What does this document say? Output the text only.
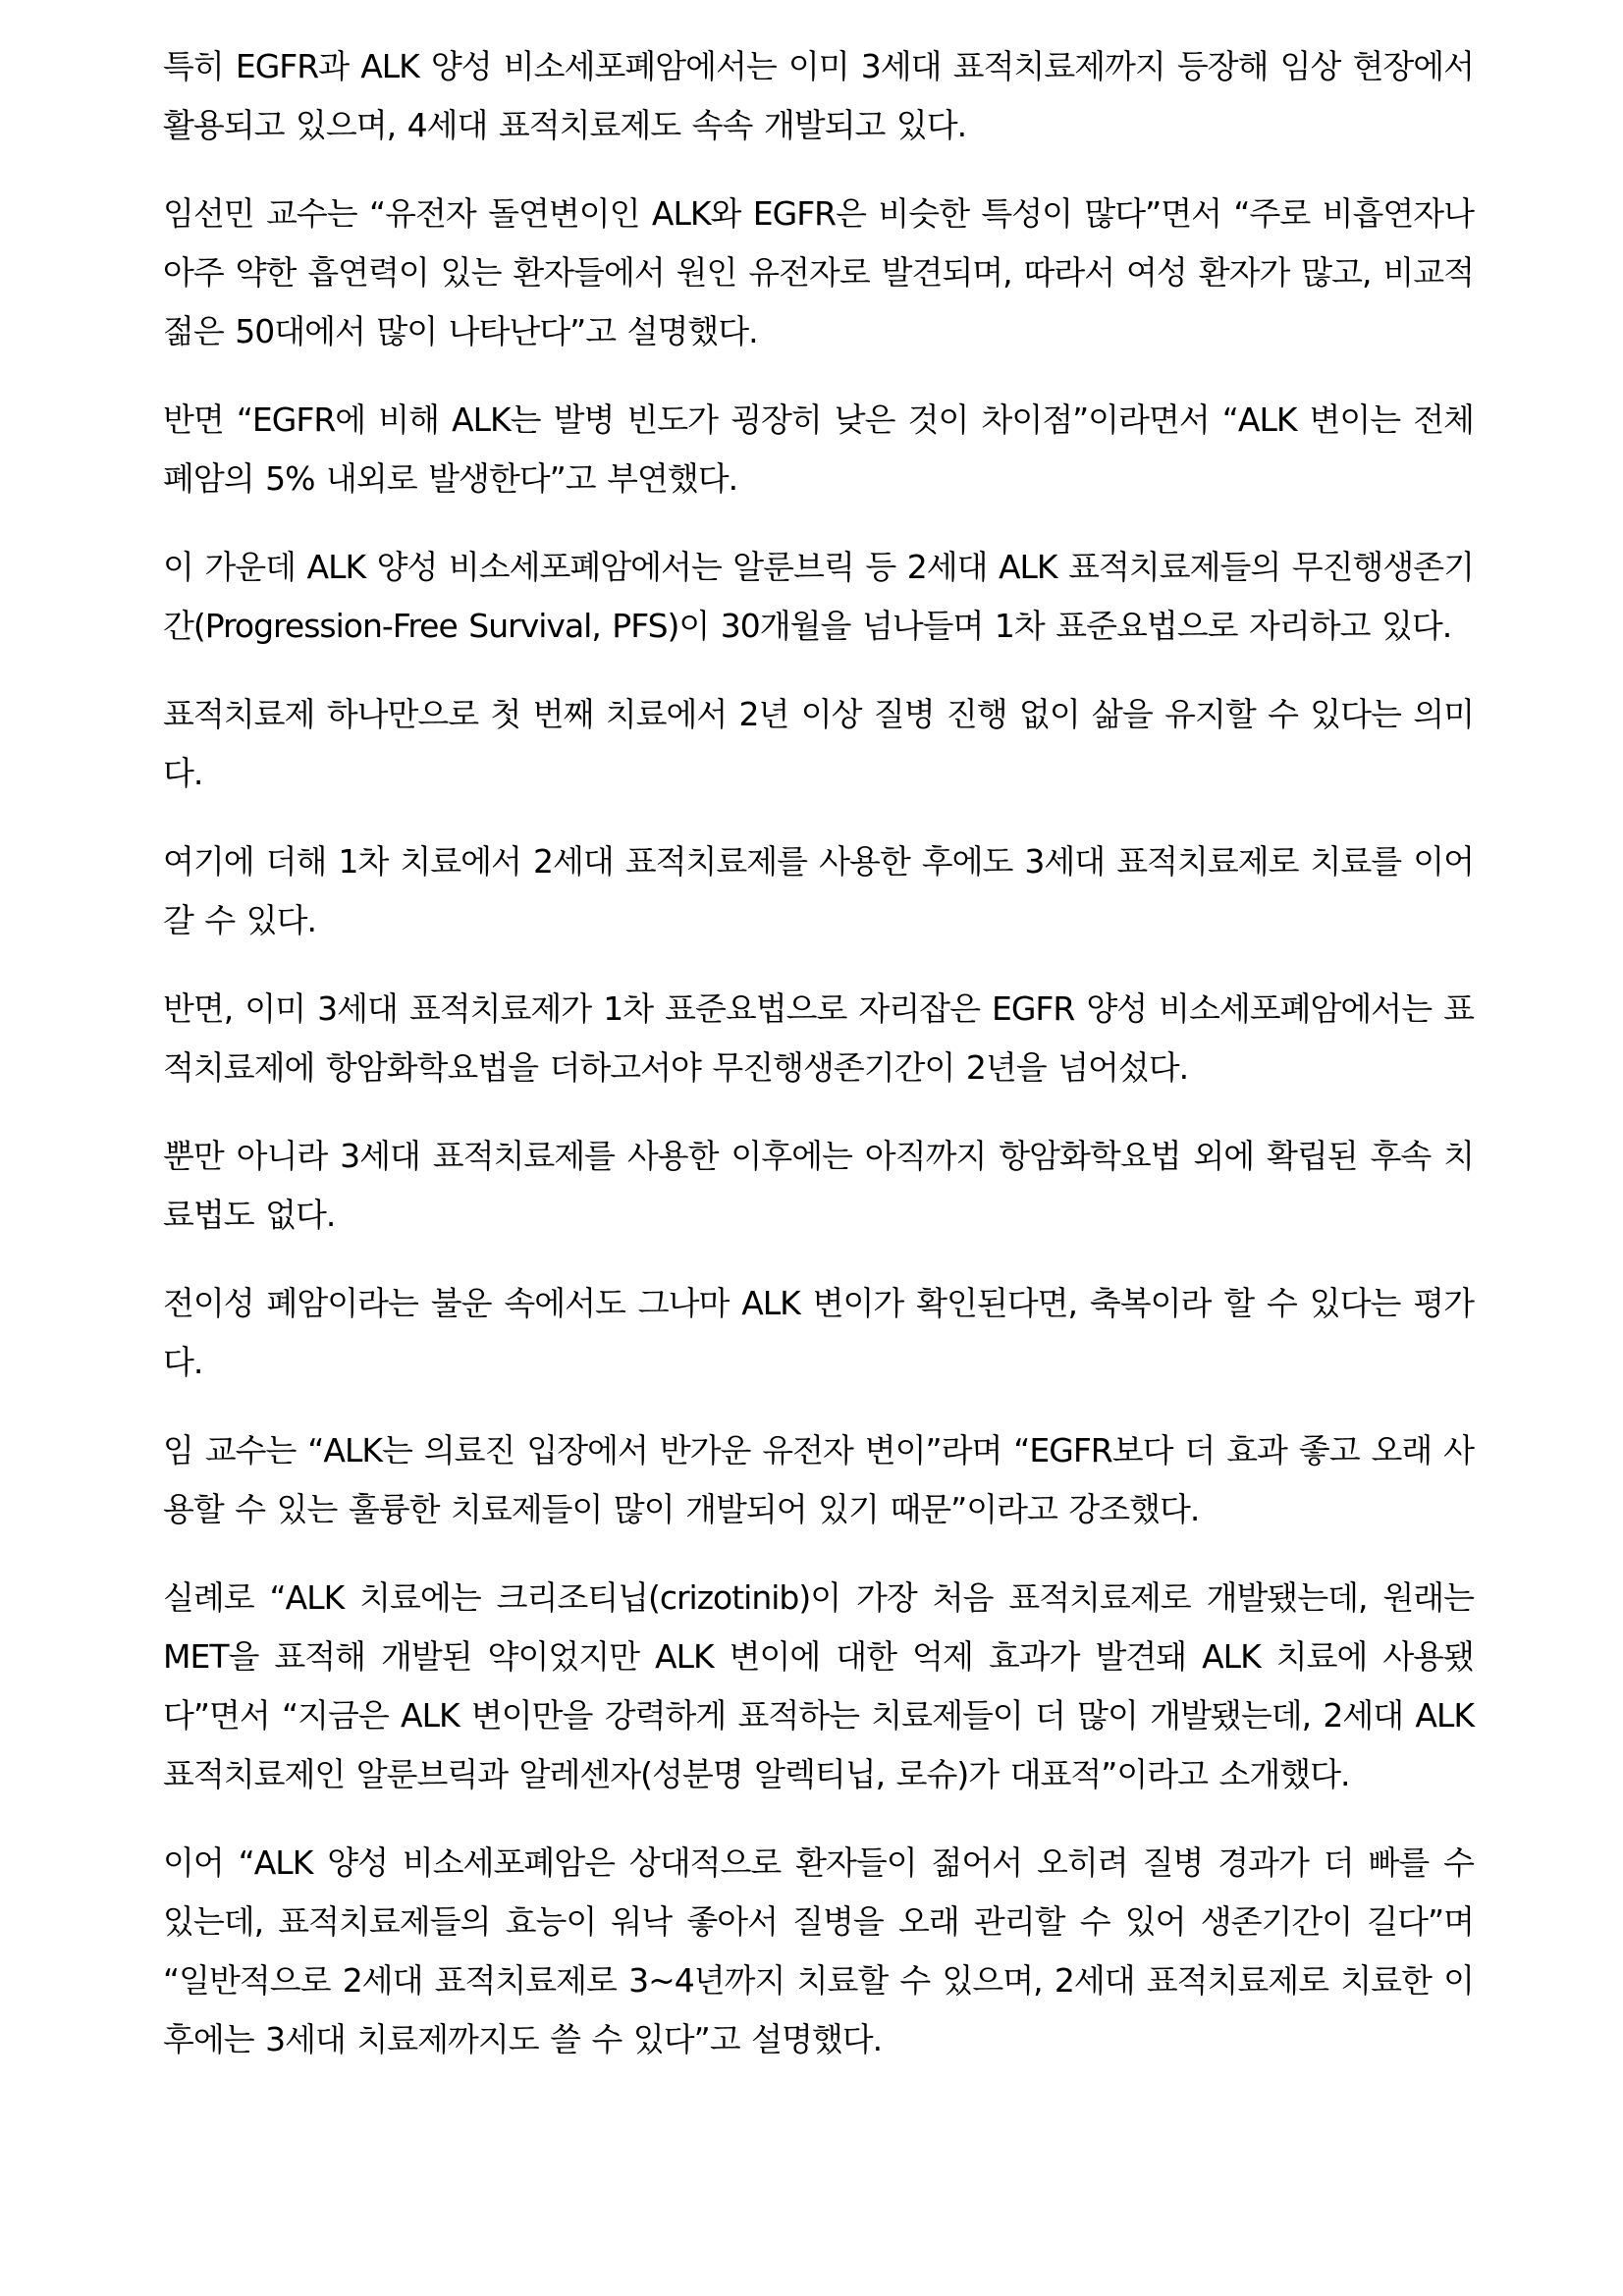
특히 EGFR과 ALK 양성 비소세포폐암에서는 이미 3세대 표적치료제까지 등장해 임상 현장에서 활용되고 있으며, 4세대 표적치료제도 속속 개발되고 있다.

임선민 교수는 “유전자 돌연변이인 ALK와 EGFR은 비슷한 특성이 많다”면서 “주로 비흡연자나 아주 약한 흡연력이 있는 환자들에서 원인 유전자로 발견되며, 따라서 여성 환자가 많고, 비교적 젊은 50대에서 많이 나타난다”고 설명했다.

반면 “EGFR에 비해 ALK는 발병 빈도가 굉장히 낮은 것이 차이점”이라면서 “ALK 변이는 전체 폐암의 5% 내외로 발생한다”고 부연했다.

이 가운데 ALK 양성 비소세포폐암에서는 알룬브릭 등 2세대 ALK 표적치료제들의 무진행생존기간(Progression-Free Survival, PFS)이 30개월을 넘나들며 1차 표준요법으로 자리하고 있다.

표적치료제 하나만으로 첫 번째 치료에서 2년 이상 질병 진행 없이 삶을 유지할 수 있다는 의미다.

여기에 더해 1차 치료에서 2세대 표적치료제를 사용한 후에도 3세대 표적치료제로 치료를 이어갈 수 있다.

반면, 이미 3세대 표적치료제가 1차 표준요법으로 자리잡은 EGFR 양성 비소세포폐암에서는 표적치료제에 항암화학요법을 더하고서야 무진행생존기간이 2년을 넘어섰다.

뿐만 아니라 3세대 표적치료제를 사용한 이후에는 아직까지 항암화학요법 외에 확립된 후속 치료법도 없다.

전이성 폐암이라는 불운 속에서도 그나마 ALK 변이가 확인된다면, 축복이라 할 수 있다는 평가다.

임 교수는 “ALK는 의료진 입장에서 반가운 유전자 변이”라며 “EGFR보다 더 효과 좋고 오래 사용할 수 있는 훌륭한 치료제들이 많이 개발되어 있기 때문”이라고 강조했다.

실례로 “ALK 치료에는 크리조티닙(crizotinib)이 가장 처음 표적치료제로 개발됐는데, 원래는 MET을 표적해 개발된 약이었지만 ALK 변이에 대한 억제 효과가 발견돼 ALK 치료에 사용됐다”면서 “지금은 ALK 변이만을 강력하게 표적하는 치료제들이 더 많이 개발됐는데, 2세대 ALK 표적치료제인 알룬브릭과 알레센자(성분명 알렉티닙, 로슈)가 대표적”이라고 소개했다.

이어 “ALK 양성 비소세포폐암은 상대적으로 환자들이 젊어서 오히려 질병 경과가 더 빠를 수 있는데, 표적치료제들의 효능이 워낙 좋아서 질병을 오래 관리할 수 있어 생존기간이 길다”며 “일반적으로 2세대 표적치료제로 3~4년까지 치료할 수 있으며, 2세대 표적치료제로 치료한 이후에는 3세대 치료제까지도 쓸 수 있다”고 설명했다.
